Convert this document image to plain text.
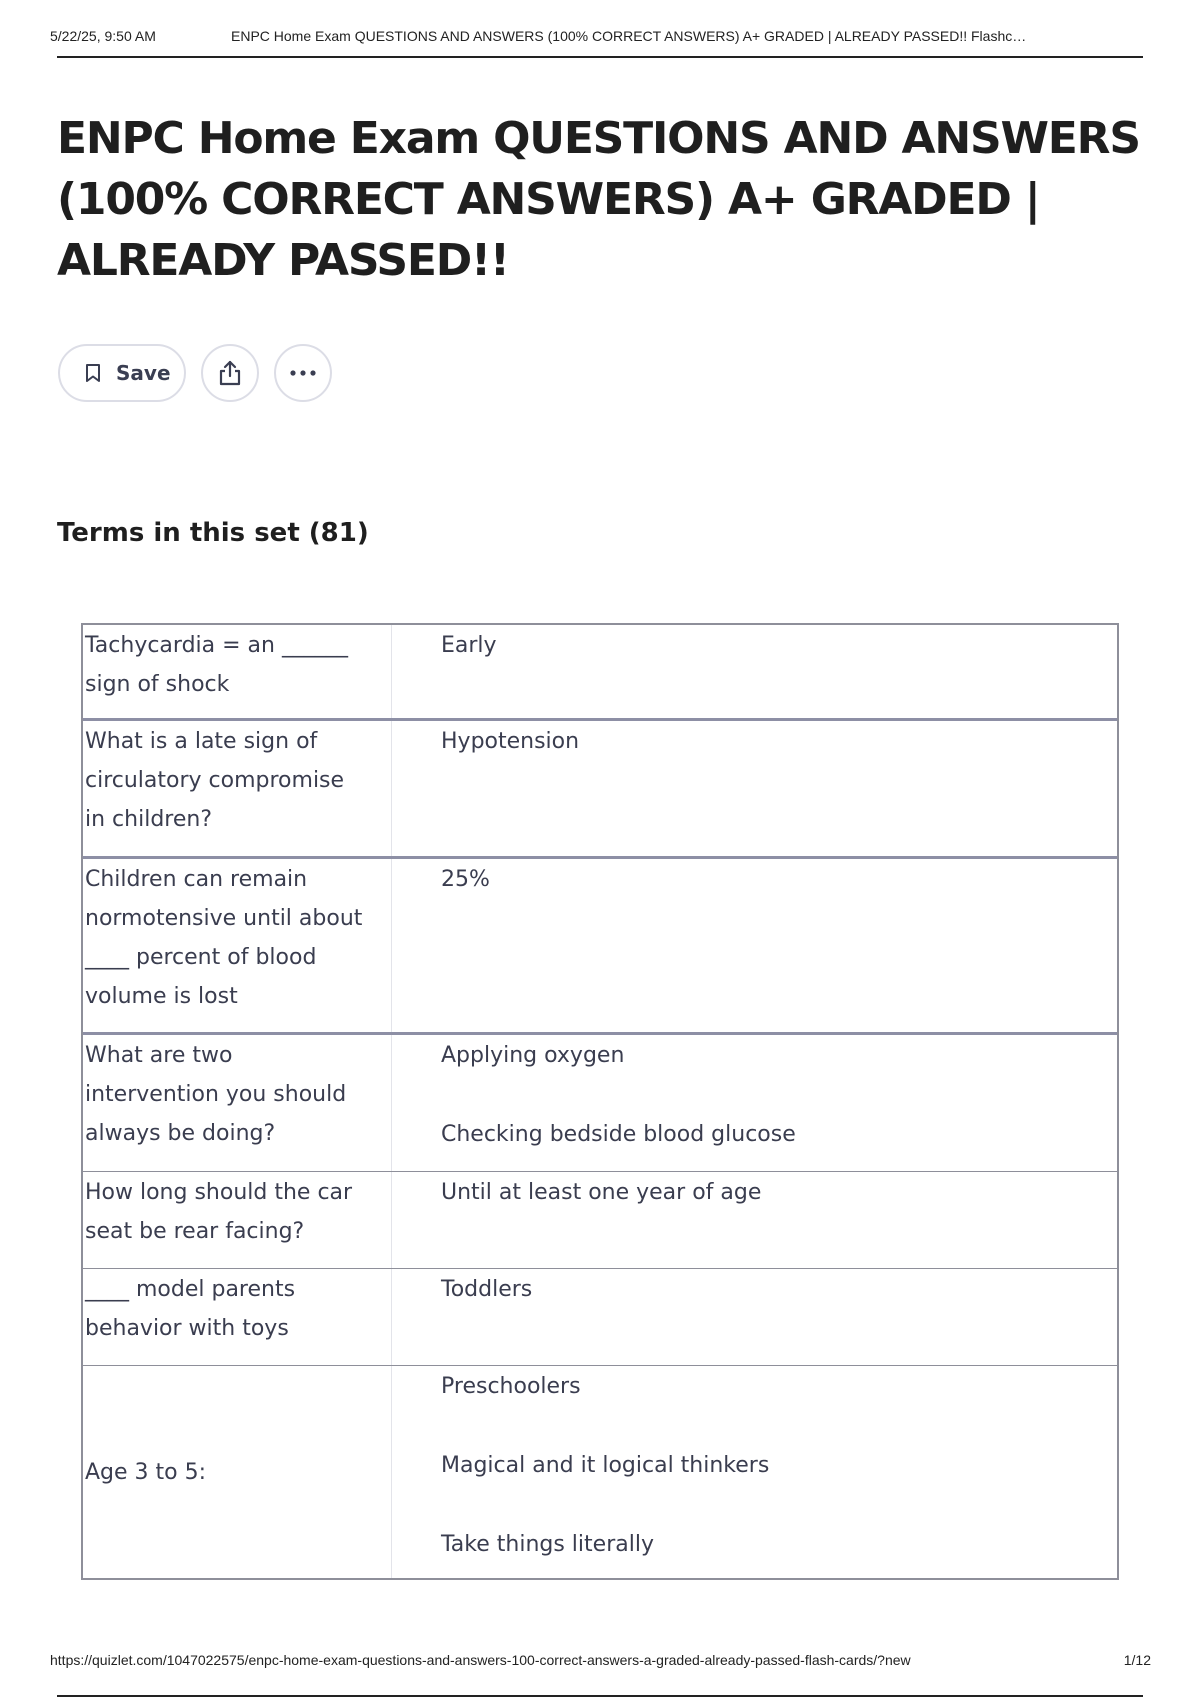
5/22/25, 9:50 AM	ENPC Home Exam QUESTIONS AND ANSWERS (100% CORRECT ANSWERS) A+ GRADED | ALREADY PASSED!! Flashc…
ENPC Home Exam QUESTIONS AND ANSWERS
(100% CORRECT ANSWERS) A+ GRADED |
ALREADY PASSED!!
Save
Terms in this set (81)
Tachycardia = an ______
sign of shock
Early
What is a late sign of
circulatory compromise
in children?
Hypotension
Children can remain
normotensive until about
____ percent of blood
volume is lost
25%
What are two
intervention you should
always be doing?
Applying oxygen
Checking bedside blood glucose
How long should the car
seat be rear facing?
Until at least one year of age
____ model parents
behavior with toys
Toddlers
Age 3 to 5:
Preschoolers
Magical and it logical thinkers
Take things literally
https://quizlet.com/1047022575/enpc-home-exam-questions-and-answers-100-correct-answers-a-graded-already-passed-flash-cards/?new	1/12
